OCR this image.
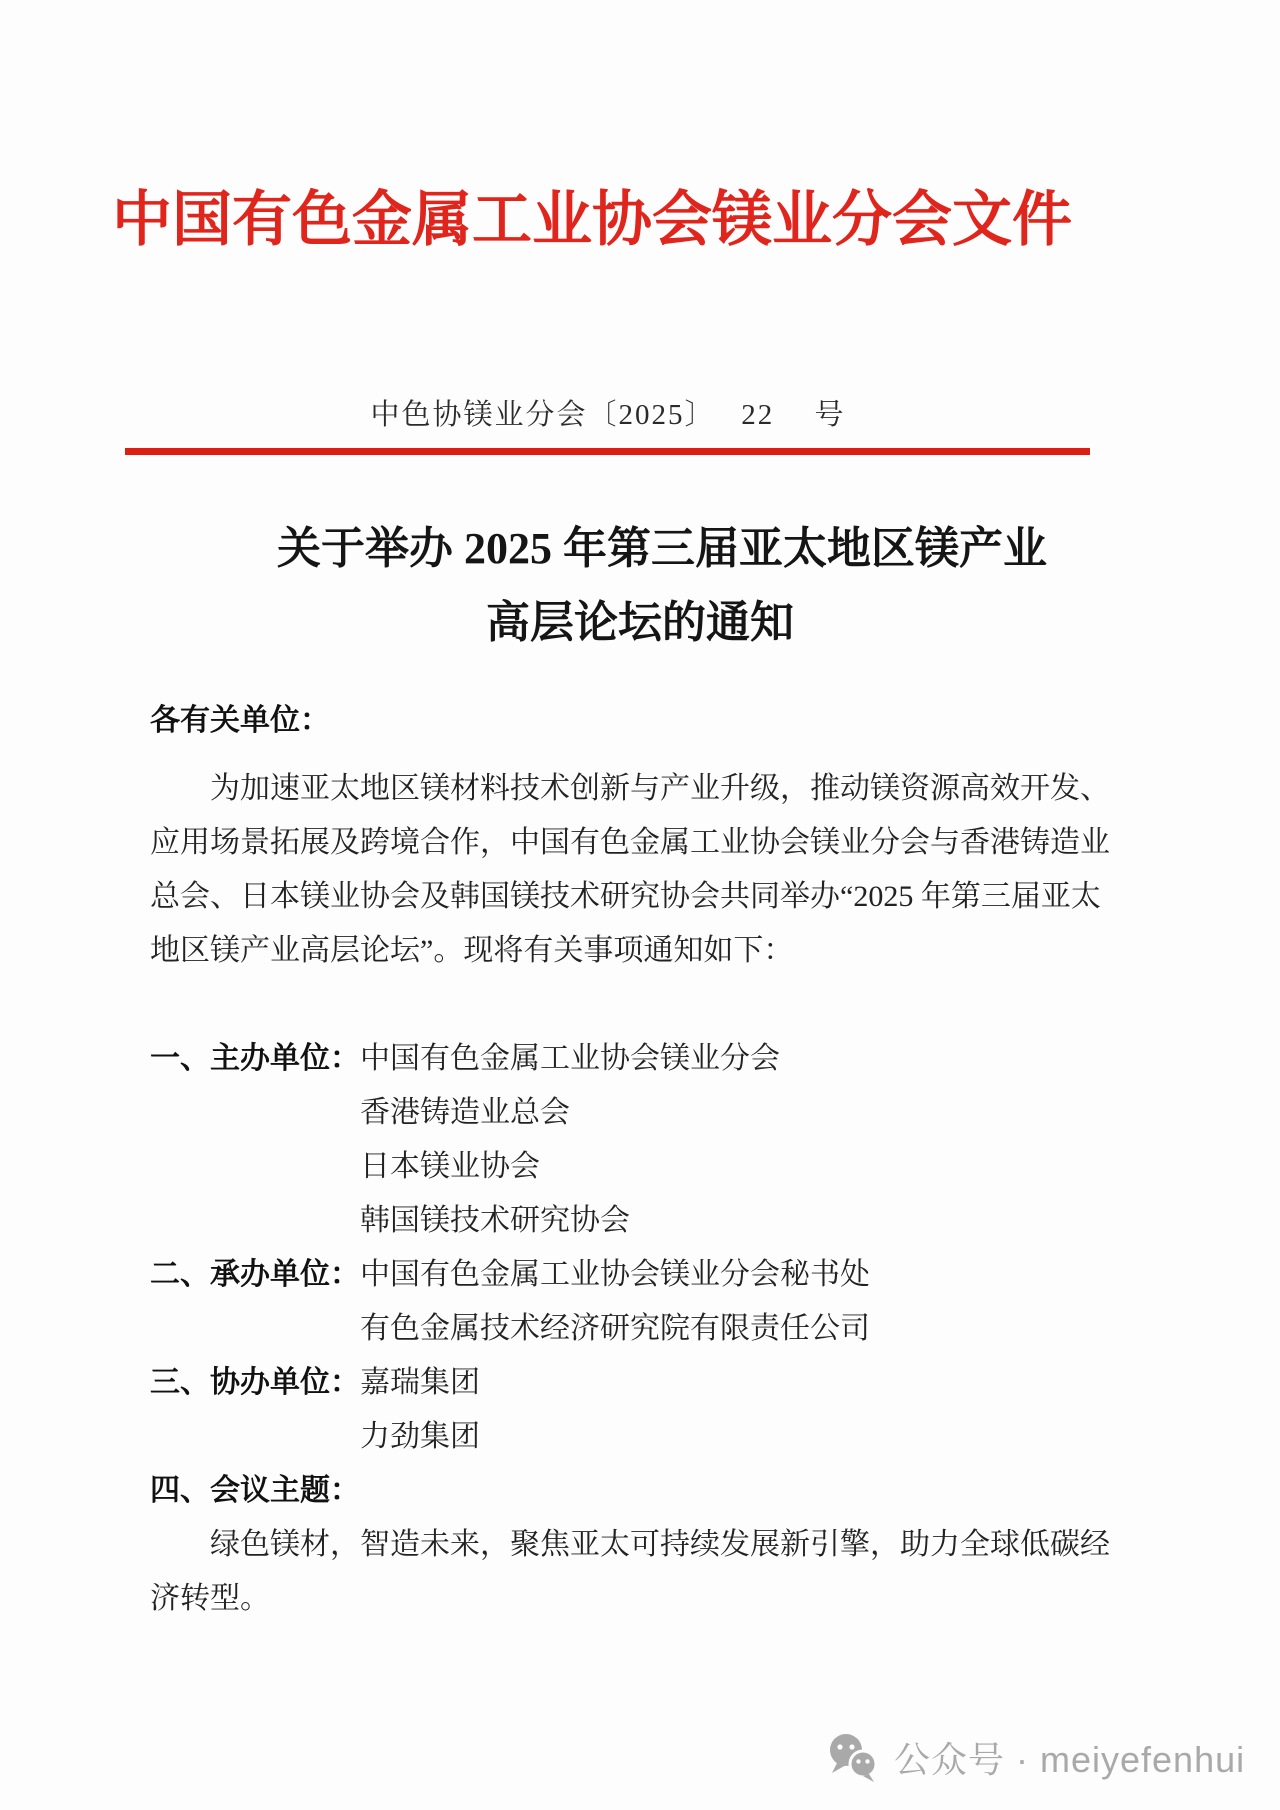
中国有色金属工业协会镁业分会文件
中色协镁业分会〔2025〕　 22 　号
关于举办 2025 年第三届亚太地区镁产业
高层论坛的通知
各有关单位：
为加速亚太地区镁材料技术创新与产业升级，推动镁资源高效开发、
应用场景拓展及跨境合作，中国有色金属工业协会镁业分会与香港铸造业
总会、日本镁业协会及韩国镁技术研究协会共同举办“2025 年第三届亚太
地区镁产业高层论坛”。现将有关事项通知如下：
一、主办单位：中国有色金属工业协会镁业分会
香港铸造业总会
日本镁业协会
韩国镁技术研究协会
二、承办单位：中国有色金属工业协会镁业分会秘书处
有色金属技术经济研究院有限责任公司
三、协办单位：嘉瑞集团
力劲集团
四、会议主题：
绿色镁材，智造未来，聚焦亚太可持续发展新引擎，助力全球低碳经
济转型。
公众号 · meiyefenhui
